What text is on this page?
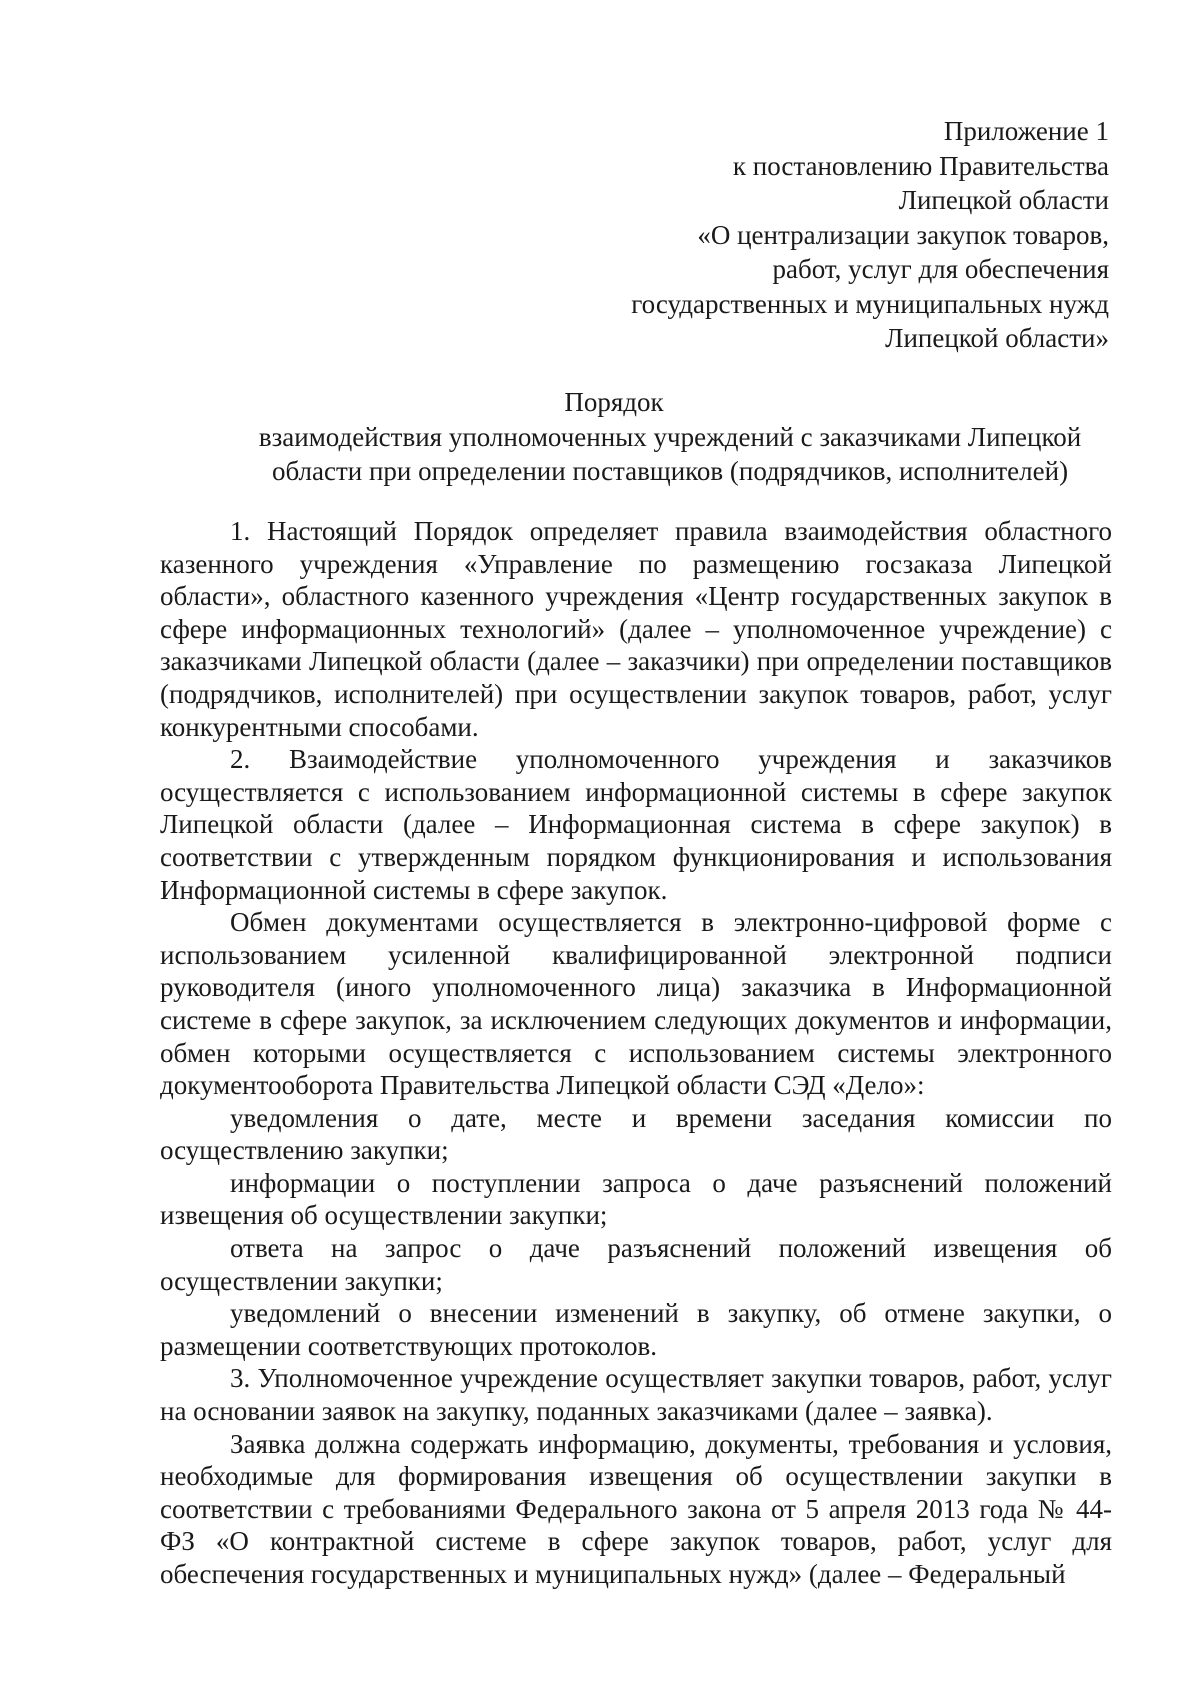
Приложение 1
к постановлению Правительства
Липецкой области
«О централизации закупок товаров,
работ, услуг для обеспечения
государственных и муниципальных нужд
Липецкой области»
Порядок
взаимодействия уполномоченных учреждений с заказчиками Липецкой
области при определении поставщиков (подрядчиков, исполнителей)

1. Настоящий Порядок определяет правила взаимодействия областного казенного учреждения «Управление по размещению госзаказа Липецкой области», областного казенного учреждения «Центр государственных закупок в сфере информационных технологий» (далее – уполномоченное учреждение) с заказчиками Липецкой области (далее – заказчики) при определении поставщиков (подрядчиков, исполнителей) при осуществлении закупок товаров, работ, услуг конкурентными способами.

2. Взаимодействие уполномоченного учреждения и заказчиков осуществляется с использованием информационной системы в сфере закупок Липецкой области (далее – Информационная система в сфере закупок) в соответствии с утвержденным порядком функционирования и использования Информационной системы в сфере закупок.

Обмен документами осуществляется в электронно-цифровой форме с использованием усиленной квалифицированной электронной подписи руководителя (иного уполномоченного лица) заказчика в Информационной системе в сфере закупок, за исключением следующих документов и информации, обмен которыми осуществляется с использованием системы электронного документооборота Правительства Липецкой области СЭД «Дело»:

уведомления о дате, месте и времени заседания комиссии по осуществлению закупки;

информации о поступлении запроса о даче разъяснений положений извещения об осуществлении закупки;

ответа на запрос о даче разъяснений положений извещения об осуществлении закупки;

уведомлений о внесении изменений в закупку, об отмене закупки, о размещении соответствующих протоколов.

3. Уполномоченное учреждение осуществляет закупки товаров, работ, услуг на основании заявок на закупку, поданных заказчиками (далее – заявка).

Заявка должна содержать информацию, документы, требования и условия, необходимые для формирования извещения об осуществлении закупки в соответствии с требованиями Федерального закона от 5 апреля 2013 года № 44-ФЗ «О контрактной системе в сфере закупок товаров, работ, услуг для обеспечения государственных и муниципальных нужд» (далее – Федеральный
